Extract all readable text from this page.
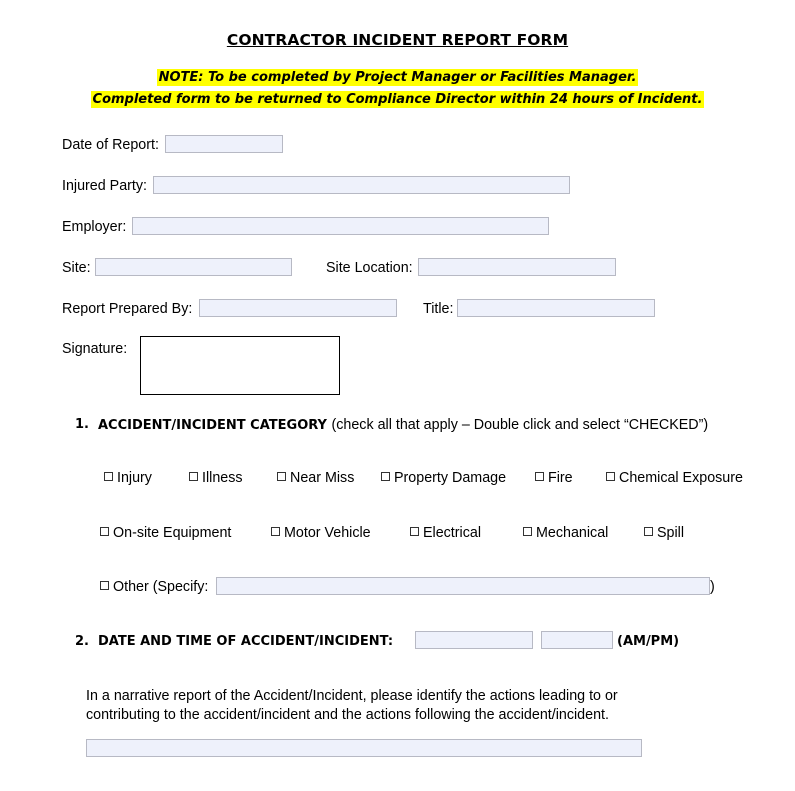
CONTRACTOR INCIDENT REPORT FORM
NOTE: To be completed by Project Manager or Facilities Manager.
Completed form to be returned to Compliance Director within 24 hours of Incident.
Date of Report:
Injured Party:
Employer:
Site:	Site Location:
Report Prepared By:	Title:
Signature:
1. ACCIDENT/INCIDENT CATEGORY (check all that apply – Double click and select “CHECKED”)
Injury	Illness	Near Miss	Property Damage	Fire	Chemical Exposure
On-site Equipment	Motor Vehicle	Electrical	Mechanical	Spill
Other (Specify:	)
2. DATE AND TIME OF ACCIDENT/INCIDENT:	(AM/PM)
In a narrative report of the Accident/Incident, please identify the actions leading to or
contributing to the accident/incident and the actions following the accident/incident.
